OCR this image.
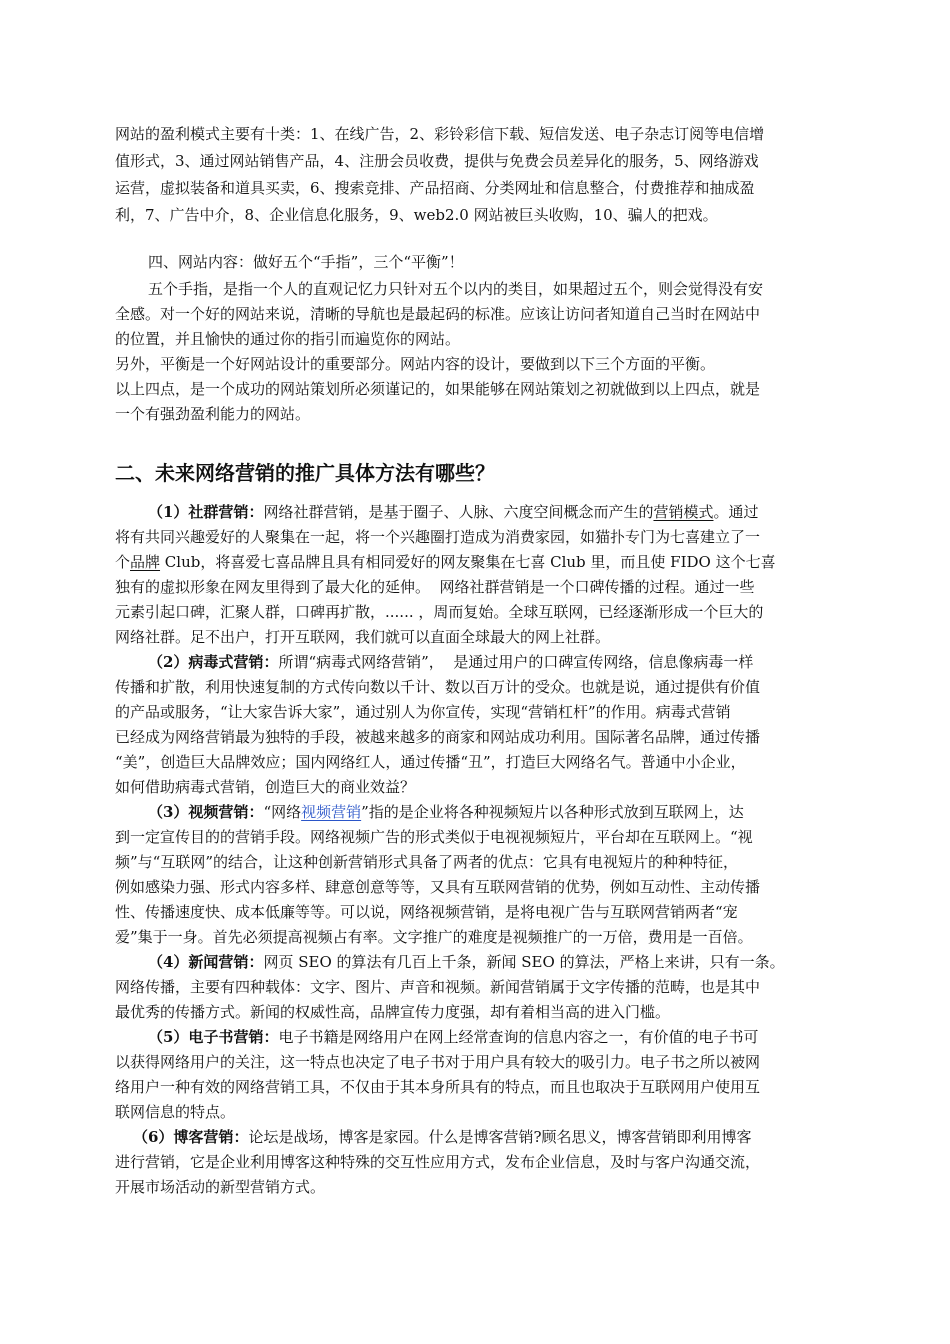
网站的盈利模式主要有十类：1、在线广告，2、彩铃彩信下载、短信发送、电子杂志订阅等电信增
值形式，3、通过网站销售产品，4、注册会员收费，提供与免费会员差异化的服务，5、网络游戏
运营，虚拟装备和道具买卖，6、搜索竞排、产品招商、分类网址和信息整合，付费推荐和抽成盈
利，7、广告中介，8、企业信息化服务，9、web2.0 网站被巨头收购，10、骗人的把戏。
四、网站内容：做好五个“手指”，三个“平衡”！
五个手指，是指一个人的直观记忆力只针对五个以内的类目，如果超过五个，则会觉得没有安
全感。对一个好的网站来说，清晰的导航也是最起码的标准。应该让访问者知道自己当时在网站中
的位置，并且愉快的通过你的指引而遍览你的网站。
另外，平衡是一个好网站设计的重要部分。网站内容的设计，要做到以下三个方面的平衡。
以上四点，是一个成功的网站策划所必须谨记的，如果能够在网站策划之初就做到以上四点，就是
一个有强劲盈利能力的网站。
二、未来网络营销的推广具体方法有哪些？
（1）社群营销：网络社群营销，是基于圈子、人脉、六度空间概念而产生的营销模式。通过
将有共同兴趣爱好的人聚集在一起，将一个兴趣圈打造成为消费家园，如猫扑专门为七喜建立了一
个品牌 Club，将喜爱七喜品牌且具有相同爱好的网友聚集在七喜 Club 里，而且使 FIDO 这个七喜
独有的虚拟形象在网友里得到了最大化的延伸。  网络社群营销是一个口碑传播的过程。通过一些
元素引起口碑，汇聚人群，口碑再扩散，...... ，周而复始。全球互联网，已经逐渐形成一个巨大的
网络社群。足不出户，打开互联网，我们就可以直面全球最大的网上社群。
（2）病毒式营销：所谓“病毒式网络营销”，  是通过用户的口碑宣传网络，信息像病毒一样
传播和扩散，利用快速复制的方式传向数以千计、数以百万计的受众。也就是说，通过提供有价值
的产品或服务，“让大家告诉大家”，通过别人为你宣传，实现“营销杠杆”的作用。病毒式营销
已经成为网络营销最为独特的手段，被越来越多的商家和网站成功利用。国际著名品牌，通过传播
“美”，创造巨大品牌效应；国内网络红人，通过传播“丑”，打造巨大网络名气。普通中小企业，
如何借助病毒式营销，创造巨大的商业效益？
（3）视频营销：“网络视频营销”指的是企业将各种视频短片以各种形式放到互联网上，达
到一定宣传目的的营销手段。网络视频广告的形式类似于电视视频短片，平台却在互联网上。“视
频”与“互联网”的结合，让这种创新营销形式具备了两者的优点：它具有电视短片的种种特征，
例如感染力强、形式内容多样、肆意创意等等，又具有互联网营销的优势，例如互动性、主动传播
性、传播速度快、成本低廉等等。可以说，网络视频营销，是将电视广告与互联网营销两者“宠
爱”集于一身。首先必须提高视频占有率。文字推广的难度是视频推广的一万倍，费用是一百倍。
（4）新闻营销：网页 SEO 的算法有几百上千条，新闻 SEO 的算法，严格上来讲，只有一条。
网络传播，主要有四种载体：文字、图片、声音和视频。新闻营销属于文字传播的范畴，也是其中
最优秀的传播方式。新闻的权威性高，品牌宣传力度强，却有着相当高的进入门槛。
（5）电子书营销：电子书籍是网络用户在网上经常查询的信息内容之一，有价值的电子书可
以获得网络用户的关注，这一特点也决定了电子书对于用户具有较大的吸引力。电子书之所以被网
络用户一种有效的网络营销工具，不仅由于其本身所具有的特点，而且也取决于互联网用户使用互
联网信息的特点。
（6）博客营销：论坛是战场，博客是家园。什么是博客营销?顾名思义，博客营销即利用博客
进行营销，它是企业利用博客这种特殊的交互性应用方式，发布企业信息，及时与客户沟通交流，
开展市场活动的新型营销方式。
